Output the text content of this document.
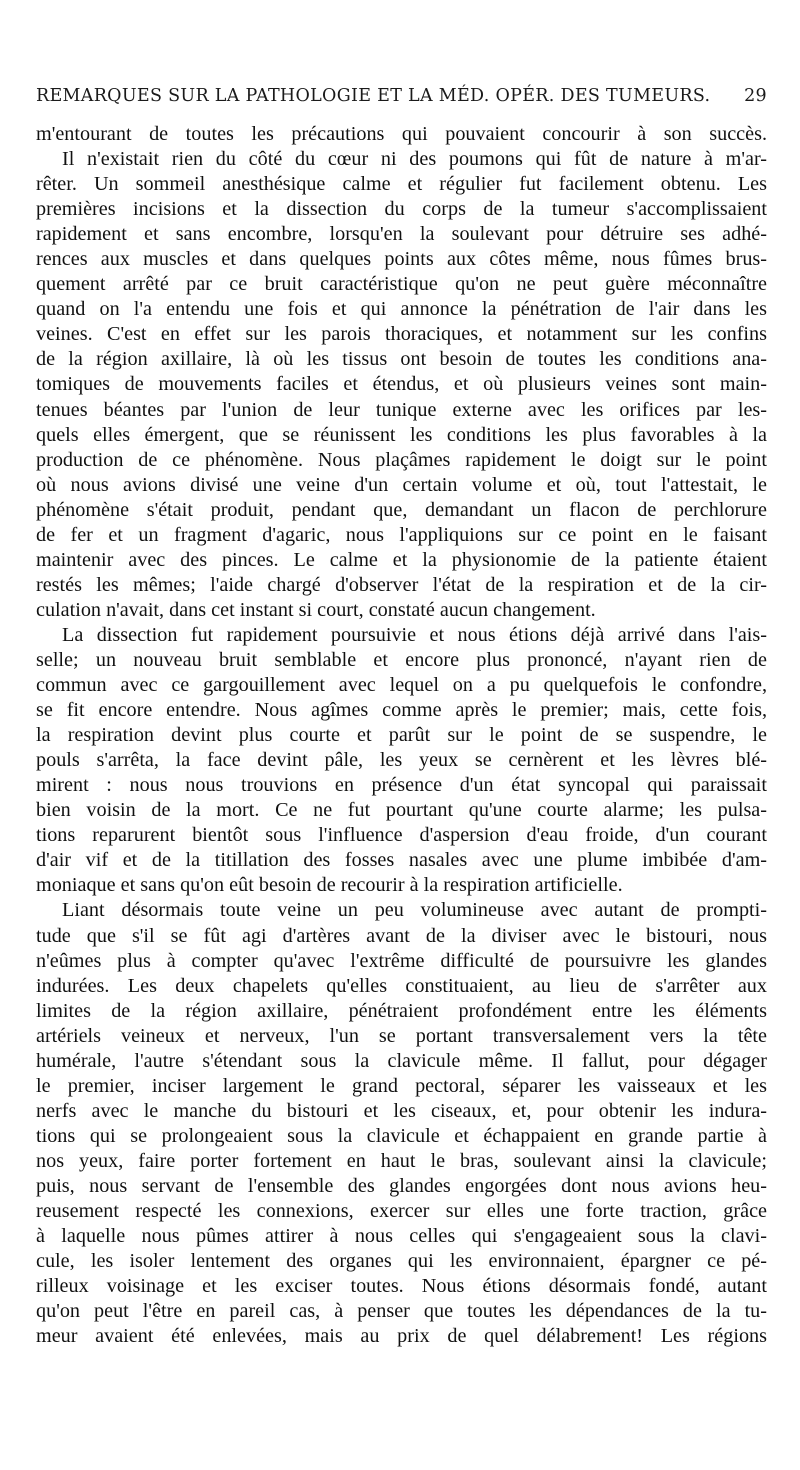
REMARQUES SUR LA PATHOLOGIE ET LA MÉD. OPÉR. DES TUMEURS. 29
m'entourant de toutes les précautions qui pouvaient concourir à son succès.
Il n'existait rien du côté du cœur ni des poumons qui fût de nature à m'ar-
rêter. Un sommeil anesthésique calme et régulier fut facilement obtenu. Les
premières incisions et la dissection du corps de la tumeur s'accomplissaient
rapidement et sans encombre, lorsqu'en la soulevant pour détruire ses adhé-
rences aux muscles et dans quelques points aux côtes même, nous fûmes brus-
quement arrêté par ce bruit caractéristique qu'on ne peut guère méconnaître
quand on l'a entendu une fois et qui annonce la pénétration de l'air dans les
veines. C'est en effet sur les parois thoraciques, et notamment sur les confins
de la région axillaire, là où les tissus ont besoin de toutes les conditions ana-
tomiques de mouvements faciles et étendus, et où plusieurs veines sont main-
tenues béantes par l'union de leur tunique externe avec les orifices par les-
quels elles émergent, que se réunissent les conditions les plus favorables à la
production de ce phénomène. Nous plaçâmes rapidement le doigt sur le point
où nous avions divisé une veine d'un certain volume et où, tout l'attestait, le
phénomène s'était produit, pendant que, demandant un flacon de perchlorure
de fer et un fragment d'agaric, nous l'appliquions sur ce point en le faisant
maintenir avec des pinces. Le calme et la physionomie de la patiente étaient
restés les mêmes; l'aide chargé d'observer l'état de la respiration et de la cir-
culation n'avait, dans cet instant si court, constaté aucun changement.
La dissection fut rapidement poursuivie et nous étions déjà arrivé dans l'ais-
selle; un nouveau bruit semblable et encore plus prononcé, n'ayant rien de
commun avec ce gargouillement avec lequel on a pu quelquefois le confondre,
se fit encore entendre. Nous agîmes comme après le premier; mais, cette fois,
la respiration devint plus courte et parût sur le point de se suspendre, le
pouls s'arrêta, la face devint pâle, les yeux se cernèrent et les lèvres blé-
mirent : nous nous trouvions en présence d'un état syncopal qui paraissait
bien voisin de la mort. Ce ne fut pourtant qu'une courte alarme; les pulsa-
tions reparurent bientôt sous l'influence d'aspersion d'eau froide, d'un courant
d'air vif et de la titillation des fosses nasales avec une plume imbibée d'am-
moniaque et sans qu'on eût besoin de recourir à la respiration artificielle.
Liant désormais toute veine un peu volumineuse avec autant de prompti-
tude que s'il se fût agi d'artères avant de la diviser avec le bistouri, nous
n'eûmes plus à compter qu'avec l'extrême difficulté de poursuivre les glandes
indurées. Les deux chapelets qu'elles constituaient, au lieu de s'arrêter aux
limites de la région axillaire, pénétraient profondément entre les éléments
artériels veineux et nerveux, l'un se portant transversalement vers la tête
humérale, l'autre s'étendant sous la clavicule même. Il fallut, pour dégager
le premier, inciser largement le grand pectoral, séparer les vaisseaux et les
nerfs avec le manche du bistouri et les ciseaux, et, pour obtenir les indura-
tions qui se prolongeaient sous la clavicule et échappaient en grande partie à
nos yeux, faire porter fortement en haut le bras, soulevant ainsi la clavicule;
puis, nous servant de l'ensemble des glandes engorgées dont nous avions heu-
reusement respecté les connexions, exercer sur elles une forte traction, grâce
à laquelle nous pûmes attirer à nous celles qui s'engageaient sous la clavi-
cule, les isoler lentement des organes qui les environnaient, épargner ce pé-
rilleux voisinage et les exciser toutes. Nous étions désormais fondé, autant
qu'on peut l'être en pareil cas, à penser que toutes les dépendances de la tu-
meur avaient été enlevées, mais au prix de quel délabrement! Les régions
